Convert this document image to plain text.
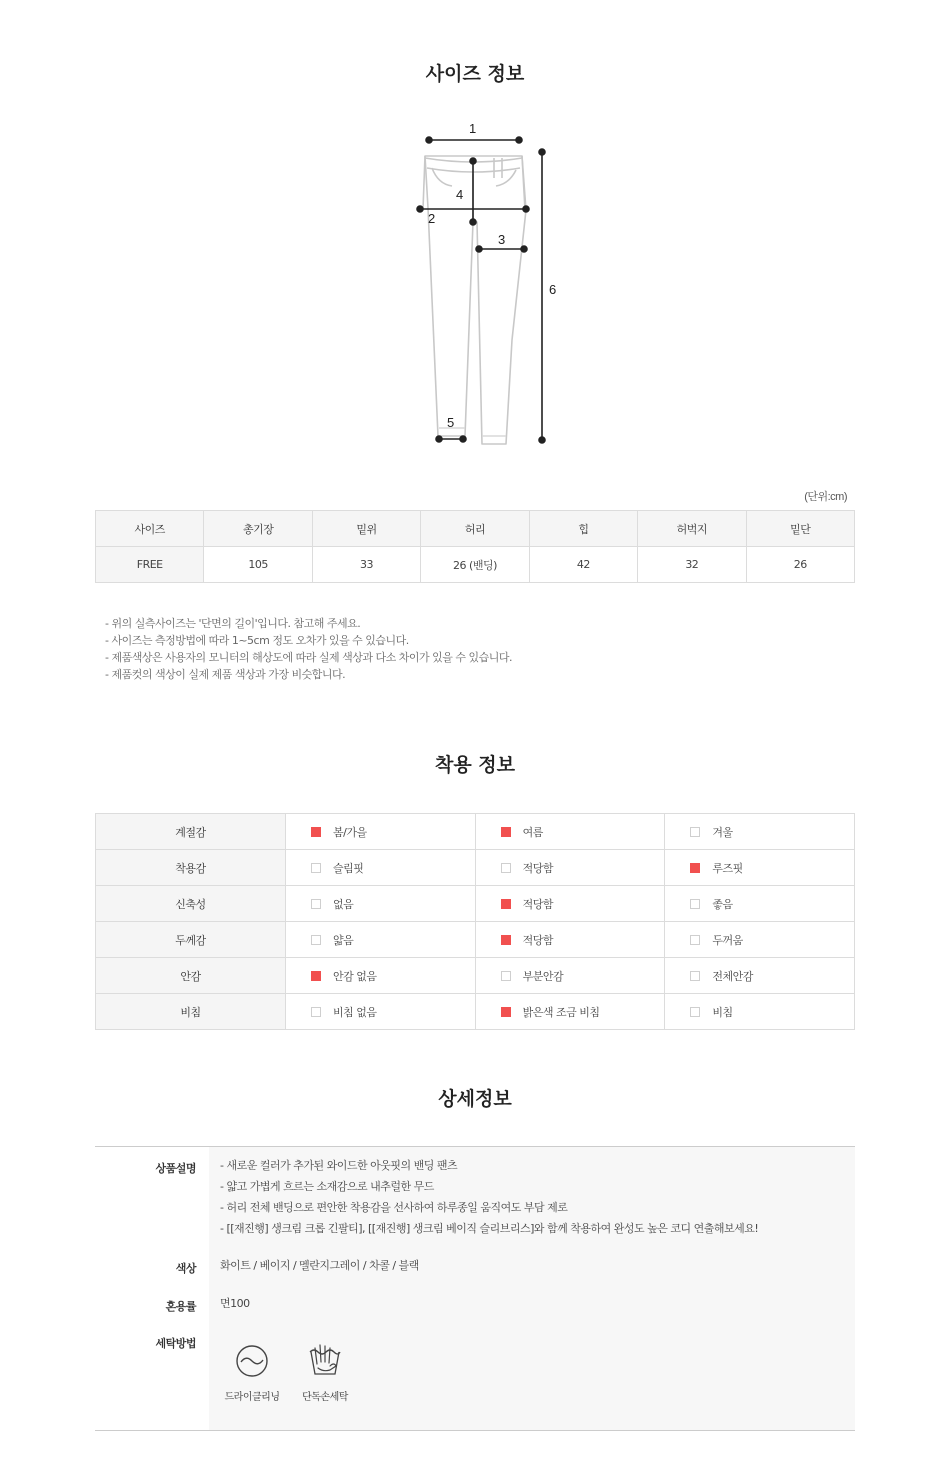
사이즈 정보
1
2
3
4
5
6
(단위:cm)
사이즈	총기장	밑위	허리	힙	허벅지	밑단
FREE	105	33	26 (밴딩)	42	32	26
- 위의 실측사이즈는 '단면의 길이'입니다. 참고해 주세요.
- 사이즈는 측정방법에 따라 1~5cm 정도 오차가 있을 수 있습니다.
- 제품색상은 사용자의 모니터의 해상도에 따라 실제 색상과 다소 차이가 있을 수 있습니다.
- 제품컷의 색상이 실제 제품 색상과 가장 비슷합니다.
착용 정보
계절감	봄/가을	여름	겨울
착용감	슬림핏	적당함	루즈핏
신축성	없음	적당함	좋음
두께감	얇음	적당함	두꺼움
안감	안감 없음	부분안감	전체안감
비침	비침 없음	밝은색 조금 비침	비침
상세정보
상품설명 - 새로운 컬러가 추가된 와이드한 아웃핏의 밴딩 팬츠
- 얇고 가볍게 흐르는 소재감으로 내추럴한 무드
- 허리 전체 밴딩으로 편안한 착용감을 선사하여 하루종일 움직여도 부담 제로
- [[재진행] 생크림 크롭 긴팔티], [[재진행] 생크림 베이직 슬리브리스]와 함께 착용하여 완성도 높은 코디 연출해보세요!
색상 화이트 / 베이지 / 멜란지그레이 / 차콜 / 블랙
혼용률 면100
세탁방법
드라이클리닝	단독손세탁
